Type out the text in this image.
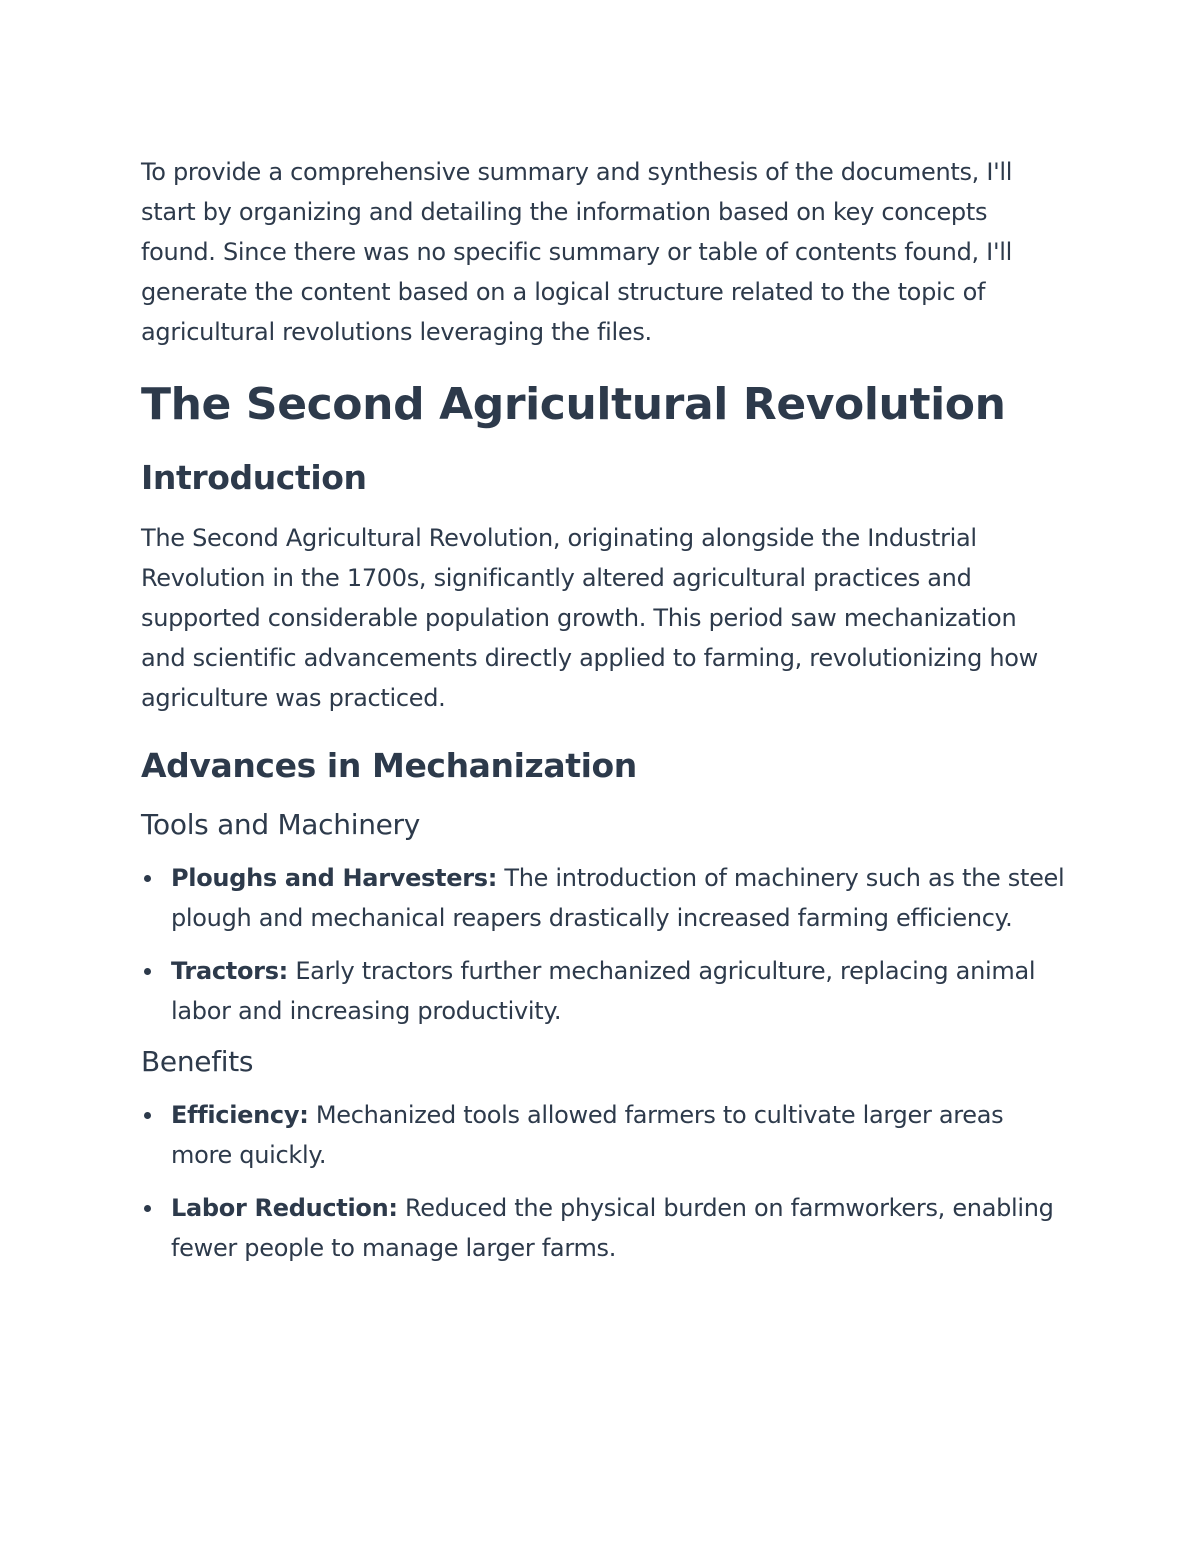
To provide a comprehensive summary and synthesis of the documents, I'll start by organizing and detailing the information based on key concepts found. Since there was no specific summary or table of contents found, I'll generate the content based on a logical structure related to the topic of agricultural revolutions leveraging the files.

The Second Agricultural Revolution
Introduction

The Second Agricultural Revolution, originating alongside the Industrial Revolution in the 1700s, significantly altered agricultural practices and supported considerable population growth. This period saw mechanization and scientific advancements directly applied to farming, revolutionizing how agriculture was practiced.

Advances in Mechanization
Tools and Machinery
Ploughs and Harvesters: The introduction of machinery such as the steel plough and mechanical reapers drastically increased farming efficiency.
Tractors: Early tractors further mechanized agriculture, replacing animal labor and increasing productivity.
Benefits
Efficiency: Mechanized tools allowed farmers to cultivate larger areas more quickly.
Labor Reduction: Reduced the physical burden on farmworkers, enabling fewer people to manage larger farms.
